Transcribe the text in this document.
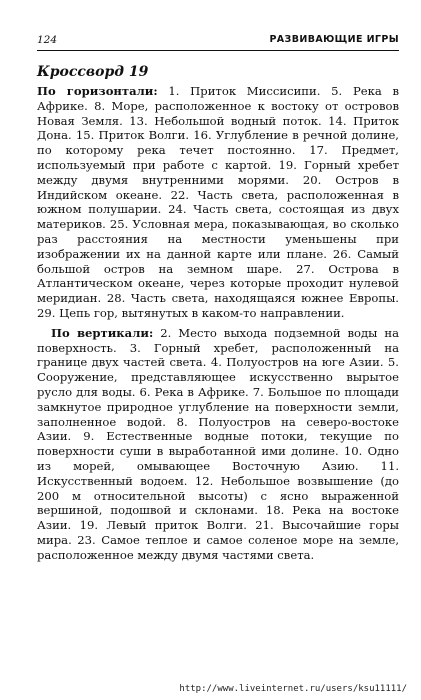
124	РАЗВИВАЮЩИЕ ИГРЫ
Кроссворд 19

По горизонтали: 1. Приток Миссисипи. 5. Река в Африке. 8. Море, расположенное к востоку от островов Новая Земля. 13. Небольшой водный поток. 14. Приток Дона. 15. Приток Волги. 16. Углубление в речной долине, по которому река течет постоянно. 17. Предмет, используемый при работе с картой. 19. Горный хребет между двумя внутренними морями. 20. Остров в Индийском океане. 22. Часть света, расположенная в южном полушарии. 24. Часть света, состоящая из двух материков. 25. Условная мера, показывающая, во сколько раз расстояния на местности уменьшены при изображении их на данной карте или плане. 26. Самый большой остров на земном шаре. 27. Острова в Атлантическом океане, через которые проходит нулевой меридиан. 28. Часть света, находящаяся южнее Европы. 29. Цепь гор, вытянутых в каком-то направлении.

По вертикали: 2. Место выхода подземной воды на поверхность. 3. Горный хребет, расположенный на границе двух частей света. 4. Полуостров на юге Азии. 5. Сооружение, представляющее искусственно вырытое русло для воды. 6. Река в Африке. 7. Большое по площади замкнутое природное углубление на поверхности земли, заполненное водой. 8. Полуостров на северо-востоке Азии. 9. Естественные водные потоки, текущие по поверхности суши в выработанной ими долине. 10. Одно из морей, омывающее Восточную Азию. 11. Искусственный водоем. 12. Небольшое возвышение (до 200 м относительной высоты) с ясно выраженной вершиной, подошвой и склонами. 18. Река на востоке Азии. 19. Левый приток Волги. 21. Высочайшие горы мира. 23. Самое теплое и самое соленое море на земле, расположенное между двумя частями света.

http://www.liveinternet.ru/users/ksu11111/
